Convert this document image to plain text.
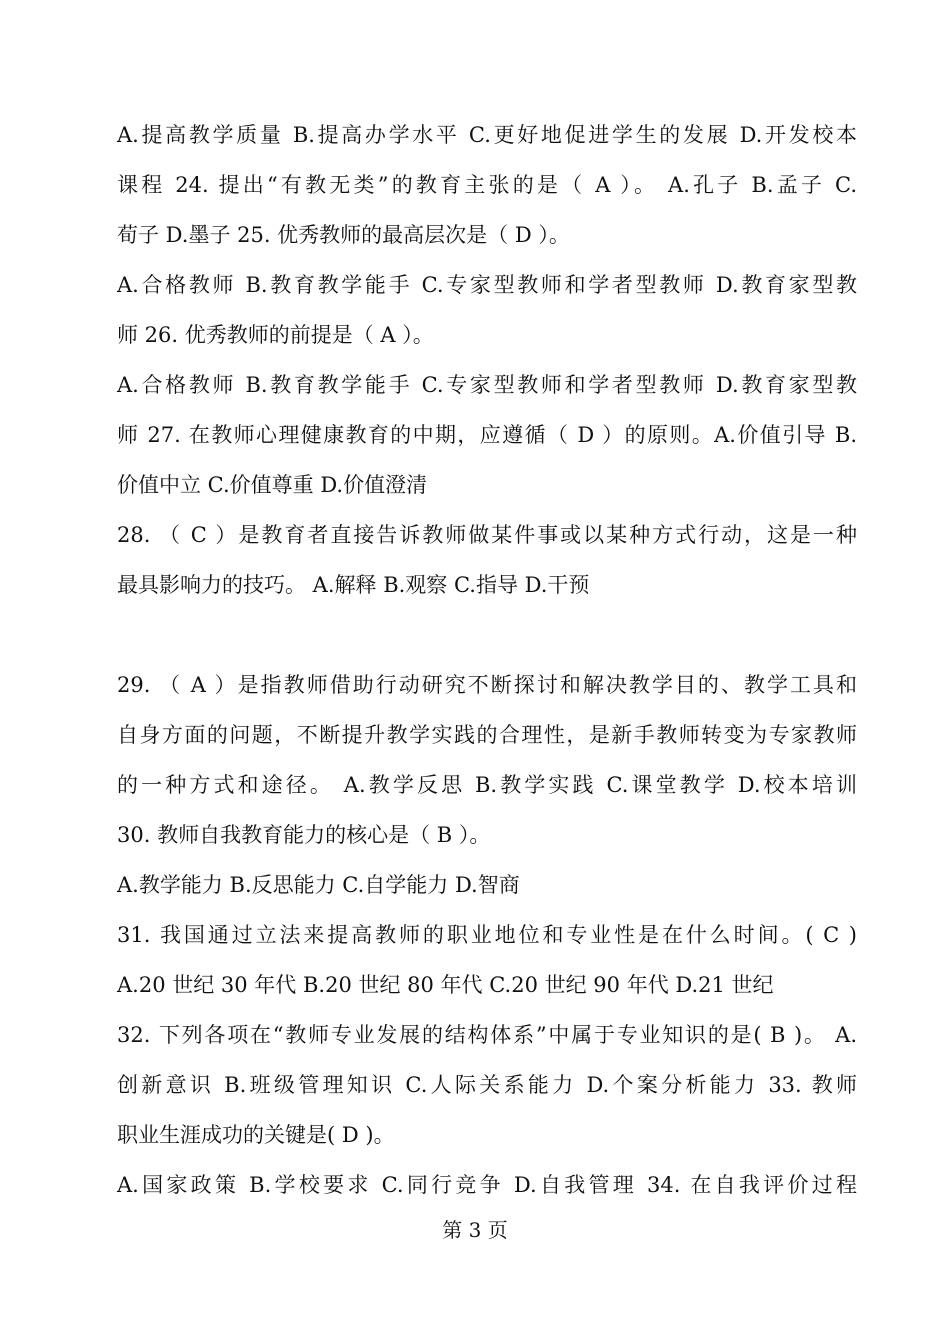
A.提高教学质量 B.提高办学水平 C.更好地促进学生的发展 D.开发校本
课程 24. 提出“有教无类”的教育主张的是（ A ）。 A.孔子 B.孟子 C.
荀子 D.墨子 25. 优秀教师的最高层次是（ D ）。
A.合格教师 B.教育教学能手 C.专家型教师和学者型教师 D.教育家型教
师 26. 优秀教师的前提是（ A ）。
A.合格教师 B.教育教学能手 C.专家型教师和学者型教师 D.教育家型教
师 27. 在教师心理健康教育的中期，应遵循（ D ）的原则。A.价值引导 B.
价值中立 C.价值尊重 D.价值澄清
28. （ C ）是教育者直接告诉教师做某件事或以某种方式行动，这是一种
最具影响力的技巧。 A.解释 B.观察 C.指导 D.干预
29. （ A ）是指教师借助行动研究不断探讨和解决教学目的、教学工具和
自身方面的问题，不断提升教学实践的合理性，是新手教师转变为专家教师
的一种方式和途径。 A.教学反思 B.教学实践 C.课堂教学 D.校本培训
30. 教师自我教育能力的核心是（ B ）。
A.教学能力 B.反思能力 C.自学能力 D.智商
31. 我国通过立法来提高教师的职业地位和专业性是在什么时间。( C )
A.20 世纪 30 年代 B.20 世纪 80 年代 C.20 世纪 90 年代 D.21 世纪
32. 下列各项在“教师专业发展的结构体系”中属于专业知识的是( B )。 A.
创新意识 B.班级管理知识 C.人际关系能力 D.个案分析能力 33. 教师
职业生涯成功的关键是( D )。
A.国家政策 B.学校要求 C.同行竞争 D.自我管理 34. 在自我评价过程
第 3 页
